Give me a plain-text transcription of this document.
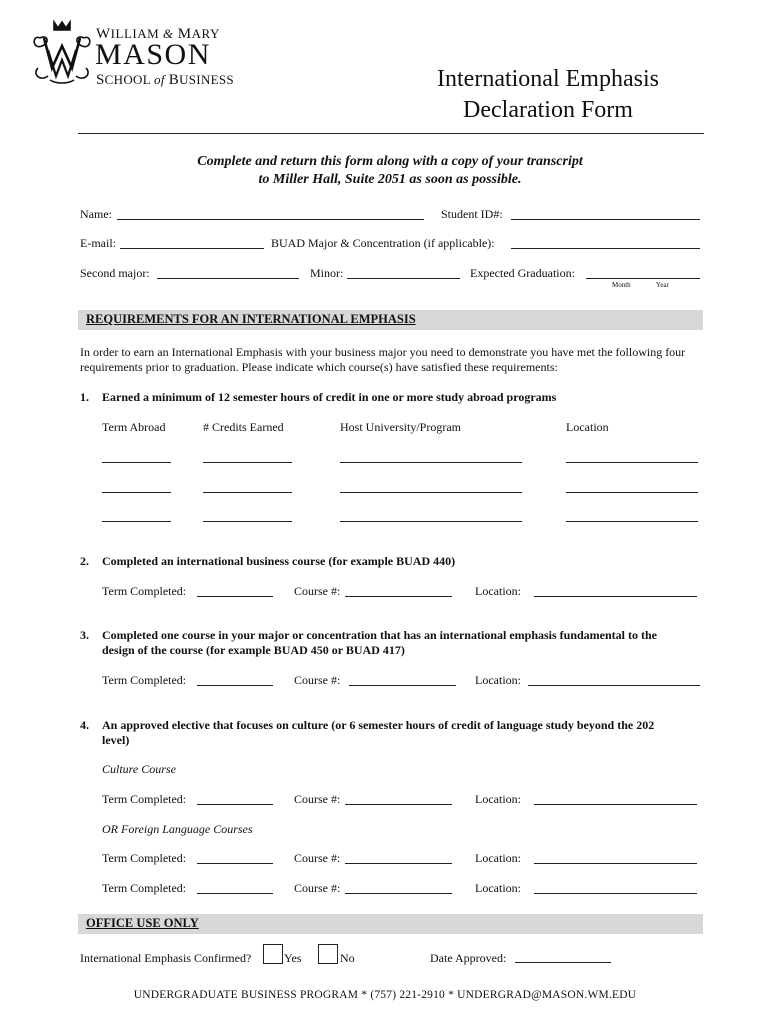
WILLIAM & MARY
MASON
SCHOOL of BUSINESS	International Emphasis
Declaration Form
Complete and return this form along with a copy of your transcript
to Miller Hall, Suite 2051 as soon as possible.
Name:	Student ID#:
E-mail:	BUAD Major & Concentration (if applicable):
Second major:	Minor:	Expected Graduation:
Month	Year
REQUIREMENTS FOR AN INTERNATIONAL EMPHASIS
In order to earn an International Emphasis with your business major you need to demonstrate you have met the following four requirements prior to graduation. Please indicate which course(s) have satisfied these requirements:
1. Earned a minimum of 12 semester hours of credit in one or more study abroad programs
Term Abroad	# Credits Earned	Host University/Program	Location
2. Completed an international business course (for example BUAD 440)
Term Completed:	Course #:	Location:
3. Completed one course in your major or concentration that has an international emphasis fundamental to the
design of the course (for example BUAD 450 or BUAD 417)
Term Completed:	Course #:	Location:
4. An approved elective that focuses on culture (or 6 semester hours of credit of language study beyond the 202
level)
Culture Course
Term Completed:	Course #:	Location:
OR Foreign Language Courses
Term Completed:	Course #:	Location:
Term Completed:	Course #:	Location:
OFFICE USE ONLY
International Emphasis Confirmed?	Yes	No	Date Approved:
UNDERGRADUATE BUSINESS PROGRAM * (757) 221-2910 * UNDERGRAD@MASON.WM.EDU
